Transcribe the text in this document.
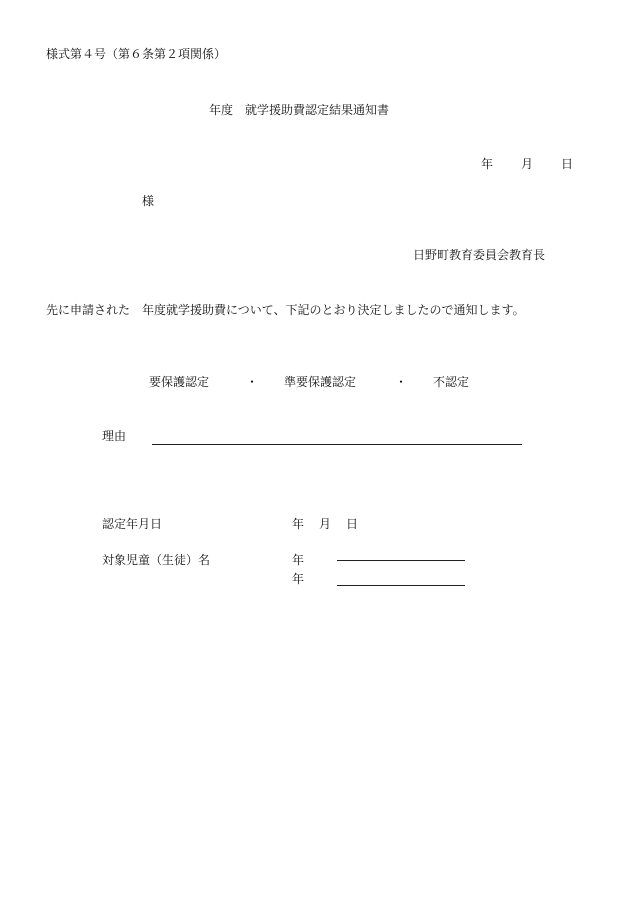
様式第４号（第６条第２項関係）
年度　就学援助費認定結果通知書
年 月 日
様
日野町教育委員会教育長
先に申請された　年度就学援助費について、下記のとおり決定しましたので通知します。
要保護認定	・ 準要保護認定	・ 不認定
理由
認定年月日	年 月 日
対象児童（生徒）名	年
年
